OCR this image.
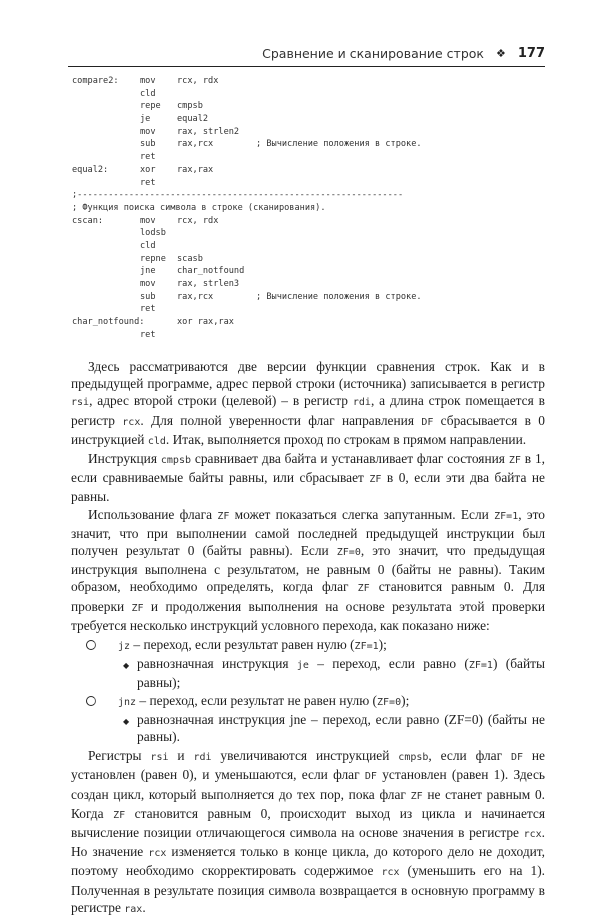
Сравнение и сканирование строк ❖ 177
compare2: mov rcx, rdx
cld
repe cmpsb
je	equal2
mov rax, strlen2
sub rax,rcx	; Вычисление положения в строке.
ret
equal2:	xor rax,rax
ret
;---------------------------------------------------------------
; Функция поиска символа в строке (сканирования).
cscan:	mov rcx, rdx
lodsb
cld
repne scasb
jne char_notfound
mov rax, strlen3
sub rax,rcx	; Вычисление положения в строке.
ret
char_notfound:	xor rax,rax
ret

Здесь рассматриваются две версии функции сравнения строк. Как и в предыдущей программе, адрес первой строки (источника) записывается в регистр rsi, адрес второй строки (целевой) – в регистр rdi, а длина строк помещается в регистр rcx. Для полной уверенности флаг направления DF сбрасывается в 0 инструкцией cld. Итак, выполняется проход по строкам в прямом направлении.

Инструкция cmpsb сравнивает два байта и устанавливает флаг состояния ZF в 1, если сравниваемые байты равны, или сбрасывает ZF в 0, если эти два байта не равны.

Использование флага ZF может показаться слегка запутанным. Если ZF=1, это значит, что при выполнении самой последней предыдущей инструкции был получен результат 0 (байты равны). Если ZF=0, это значит, что предыдущая инструкция выполнена с результатом, не равным 0 (байты не равны). Таким образом, необходимо определять, когда флаг ZF становится равным 0. Для проверки ZF и продолжения выполнения на основе результата этой проверки требуется несколько инструкций условного перехода, как показано ниже:

jz – переход, если результат равен нулю (ZF=1);
◆ равнозначная инструкция je – переход, если равно (ZF=1) (байты равны);
jnz – переход, если результат не равен нулю (ZF=0);
◆ равнозначная инструкция jne – переход, если равно (ZF=0) (байты не равны).

Регистры rsi и rdi увеличиваются инструкцией cmpsb, если флаг DF не установлен (равен 0), и уменьшаются, если флаг DF установлен (равен 1). Здесь создан цикл, который выполняется до тех пор, пока флаг ZF не станет равным 0. Когда ZF становится равным 0, происходит выход из цикла и начинается вычисление позиции отличающегося символа на основе значения в регистре rcx. Но значение rcx изменяется только в конце цикла, до которого дело не доходит, поэтому необходимо скорректировать содержимое rcx (уменьшить его на 1). Полученная в результате позиция символа возвращается в основную программу в регистре rax.
